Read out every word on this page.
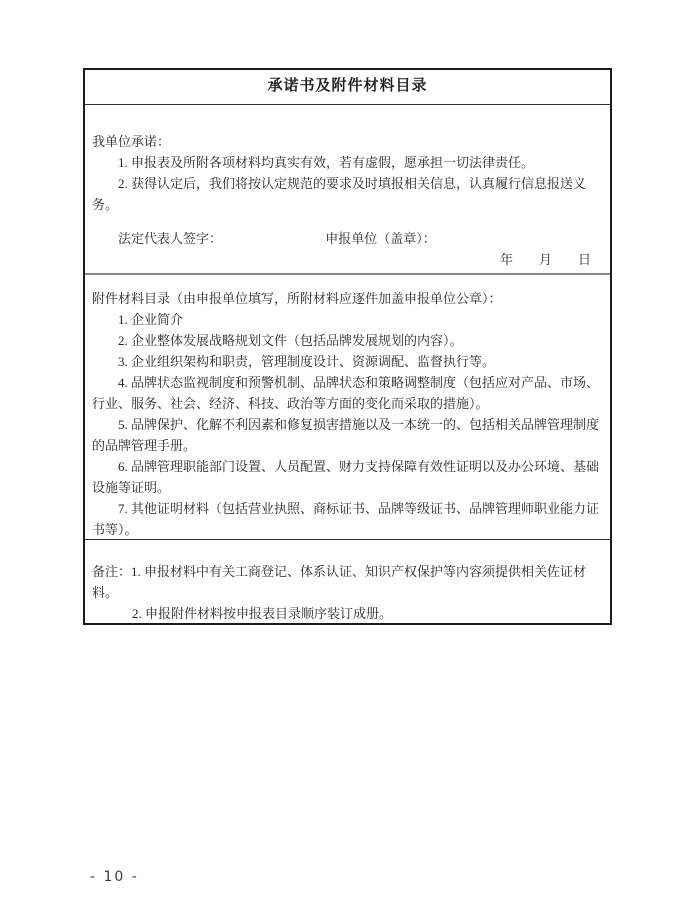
承诺书及附件材料目录
我单位承诺：
1. 申报表及所附各项材料均真实有效，若有虚假，愿承担一切法律责任。
2. 获得认定后，我们将按认定规范的要求及时填报相关信息，认真履行信息报送义务。
法定代表人签字：	申报单位（盖章）：
年　　月　　日
附件材料目录（由申报单位填写，所附材料应逐件加盖申报单位公章）：
1. 企业简介
2. 企业整体发展战略规划文件（包括品牌发展规划的内容）。
3. 企业组织架构和职责，管理制度设计、资源调配、监督执行等。
4. 品牌状态监视制度和预警机制、品牌状态和策略调整制度（包括应对产品、市场、行业、服务、社会、经济、科技、政治等方面的变化而采取的措施）。
5. 品牌保护、化解不利因素和修复损害措施以及一本统一的、包括相关品牌管理制度的品牌管理手册。
6. 品牌管理职能部门设置、人员配置、财力支持保障有效性证明以及办公环境、基础设施等证明。
7. 其他证明材料（包括营业执照、商标证书、品牌等级证书、品牌管理师职业能力证书等）。
备注：1. 申报材料中有关工商登记、体系认证、知识产权保护等内容须提供相关佐证材料。
2. 申报附件材料按申报表目录顺序装订成册。
- 10 -
